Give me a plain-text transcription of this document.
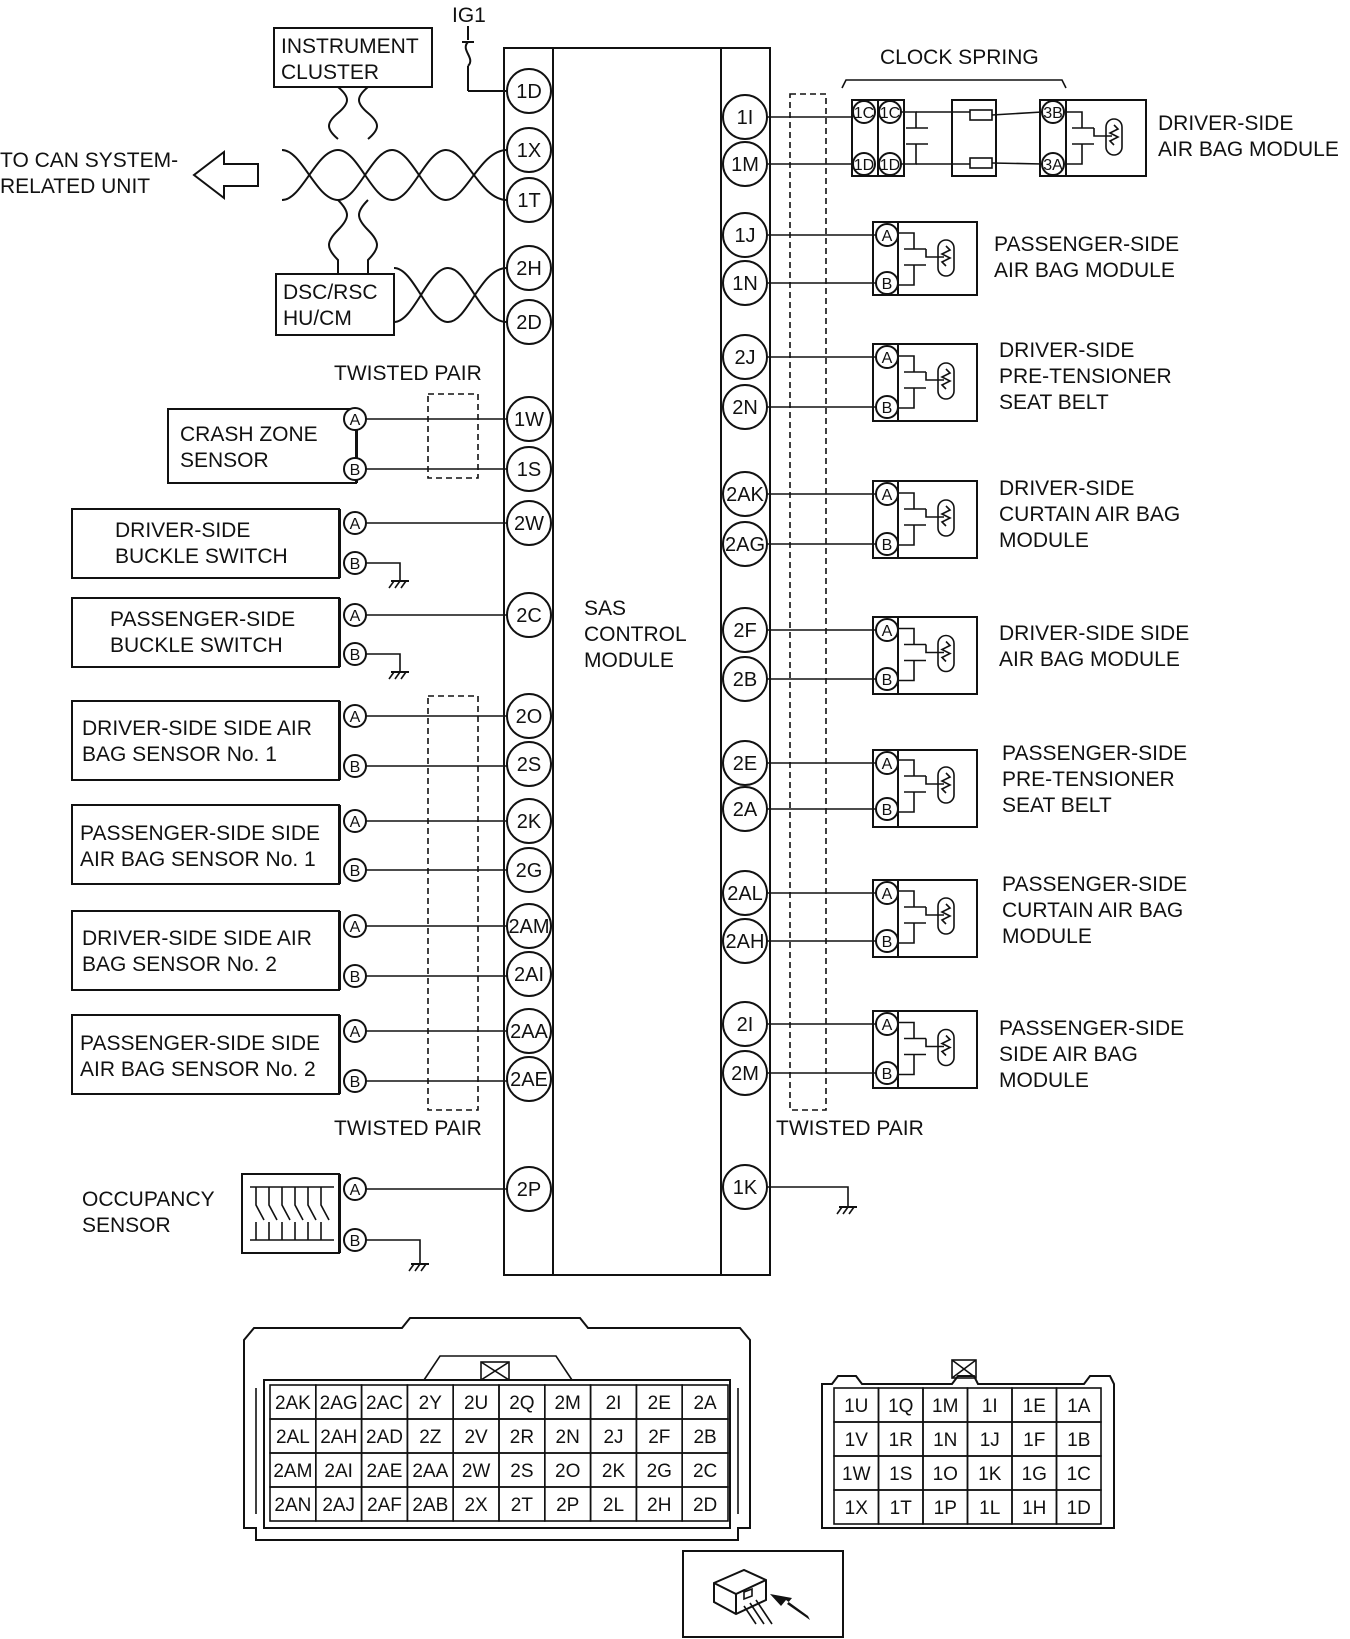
SAS
CONTROL
MODULE
1D
1X
1T
2H
2D
1W
1S
2W
2C
2O
2S
2K
2G
2AM
2AI
2AA
2AE
2P
1I
1M
1J
1N
2J
2N
2AK
2AG
2F
2B
2E
2A
2AL
2AH
2I
2M
1K
CRASH ZONE
SENSOR
A
B
DRIVER-SIDE
BUCKLE SWITCH
A
B
PASSENGER-SIDE
BUCKLE SWITCH
A
B
DRIVER-SIDE SIDE AIR
BAG SENSOR No. 1
A
B
PASSENGER-SIDE SIDE
AIR BAG SENSOR No. 1
A
B
DRIVER-SIDE SIDE AIR
BAG SENSOR No. 2
A
B
PASSENGER-SIDE SIDE
AIR BAG SENSOR No. 2
A
B
OCCUPANCY
SENSOR
A
B
A
B
PASSENGER-SIDE
AIR BAG MODULE
A
B
DRIVER-SIDE
PRE-TENSIONER
SEAT BELT
A
B
DRIVER-SIDE
CURTAIN AIR BAG
MODULE
A
B
DRIVER-SIDE SIDE
AIR BAG MODULE
A
B
PASSENGER-SIDE
PRE-TENSIONER
SEAT BELT
A
B
PASSENGER-SIDE
CURTAIN AIR BAG
MODULE
A
B
PASSENGER-SIDE
SIDE AIR BAG
MODULE
1C 1C
1D 1D
3B
3A
DRIVER-SIDE
AIR BAG MODULE
IG1
INSTRUMENT
CLUSTER
DSC/RSC
HU/CM
TO CAN SYSTEM-
RELATED UNIT
TWISTED PAIR
TWISTED PAIR	TWISTED PAIR
CLOCK SPRING
2AK 2AG 2AC 2Y 2U 2Q 2M 2I 2E 2A
2AL 2AH 2AD 2Z 2V 2R 2N 2J 2F 2B
2AM 2AI 2AE 2AA 2W 2S 2O 2K 2G 2C
2AN 2AJ 2AF 2AB 2X 2T 2P 2L 2H 2D
1U 1Q 1M 1I 1E 1A
1V 1R 1N 1J 1F 1B
1W 1S 1O 1K 1G 1C
1X 1T 1P 1L 1H 1D
